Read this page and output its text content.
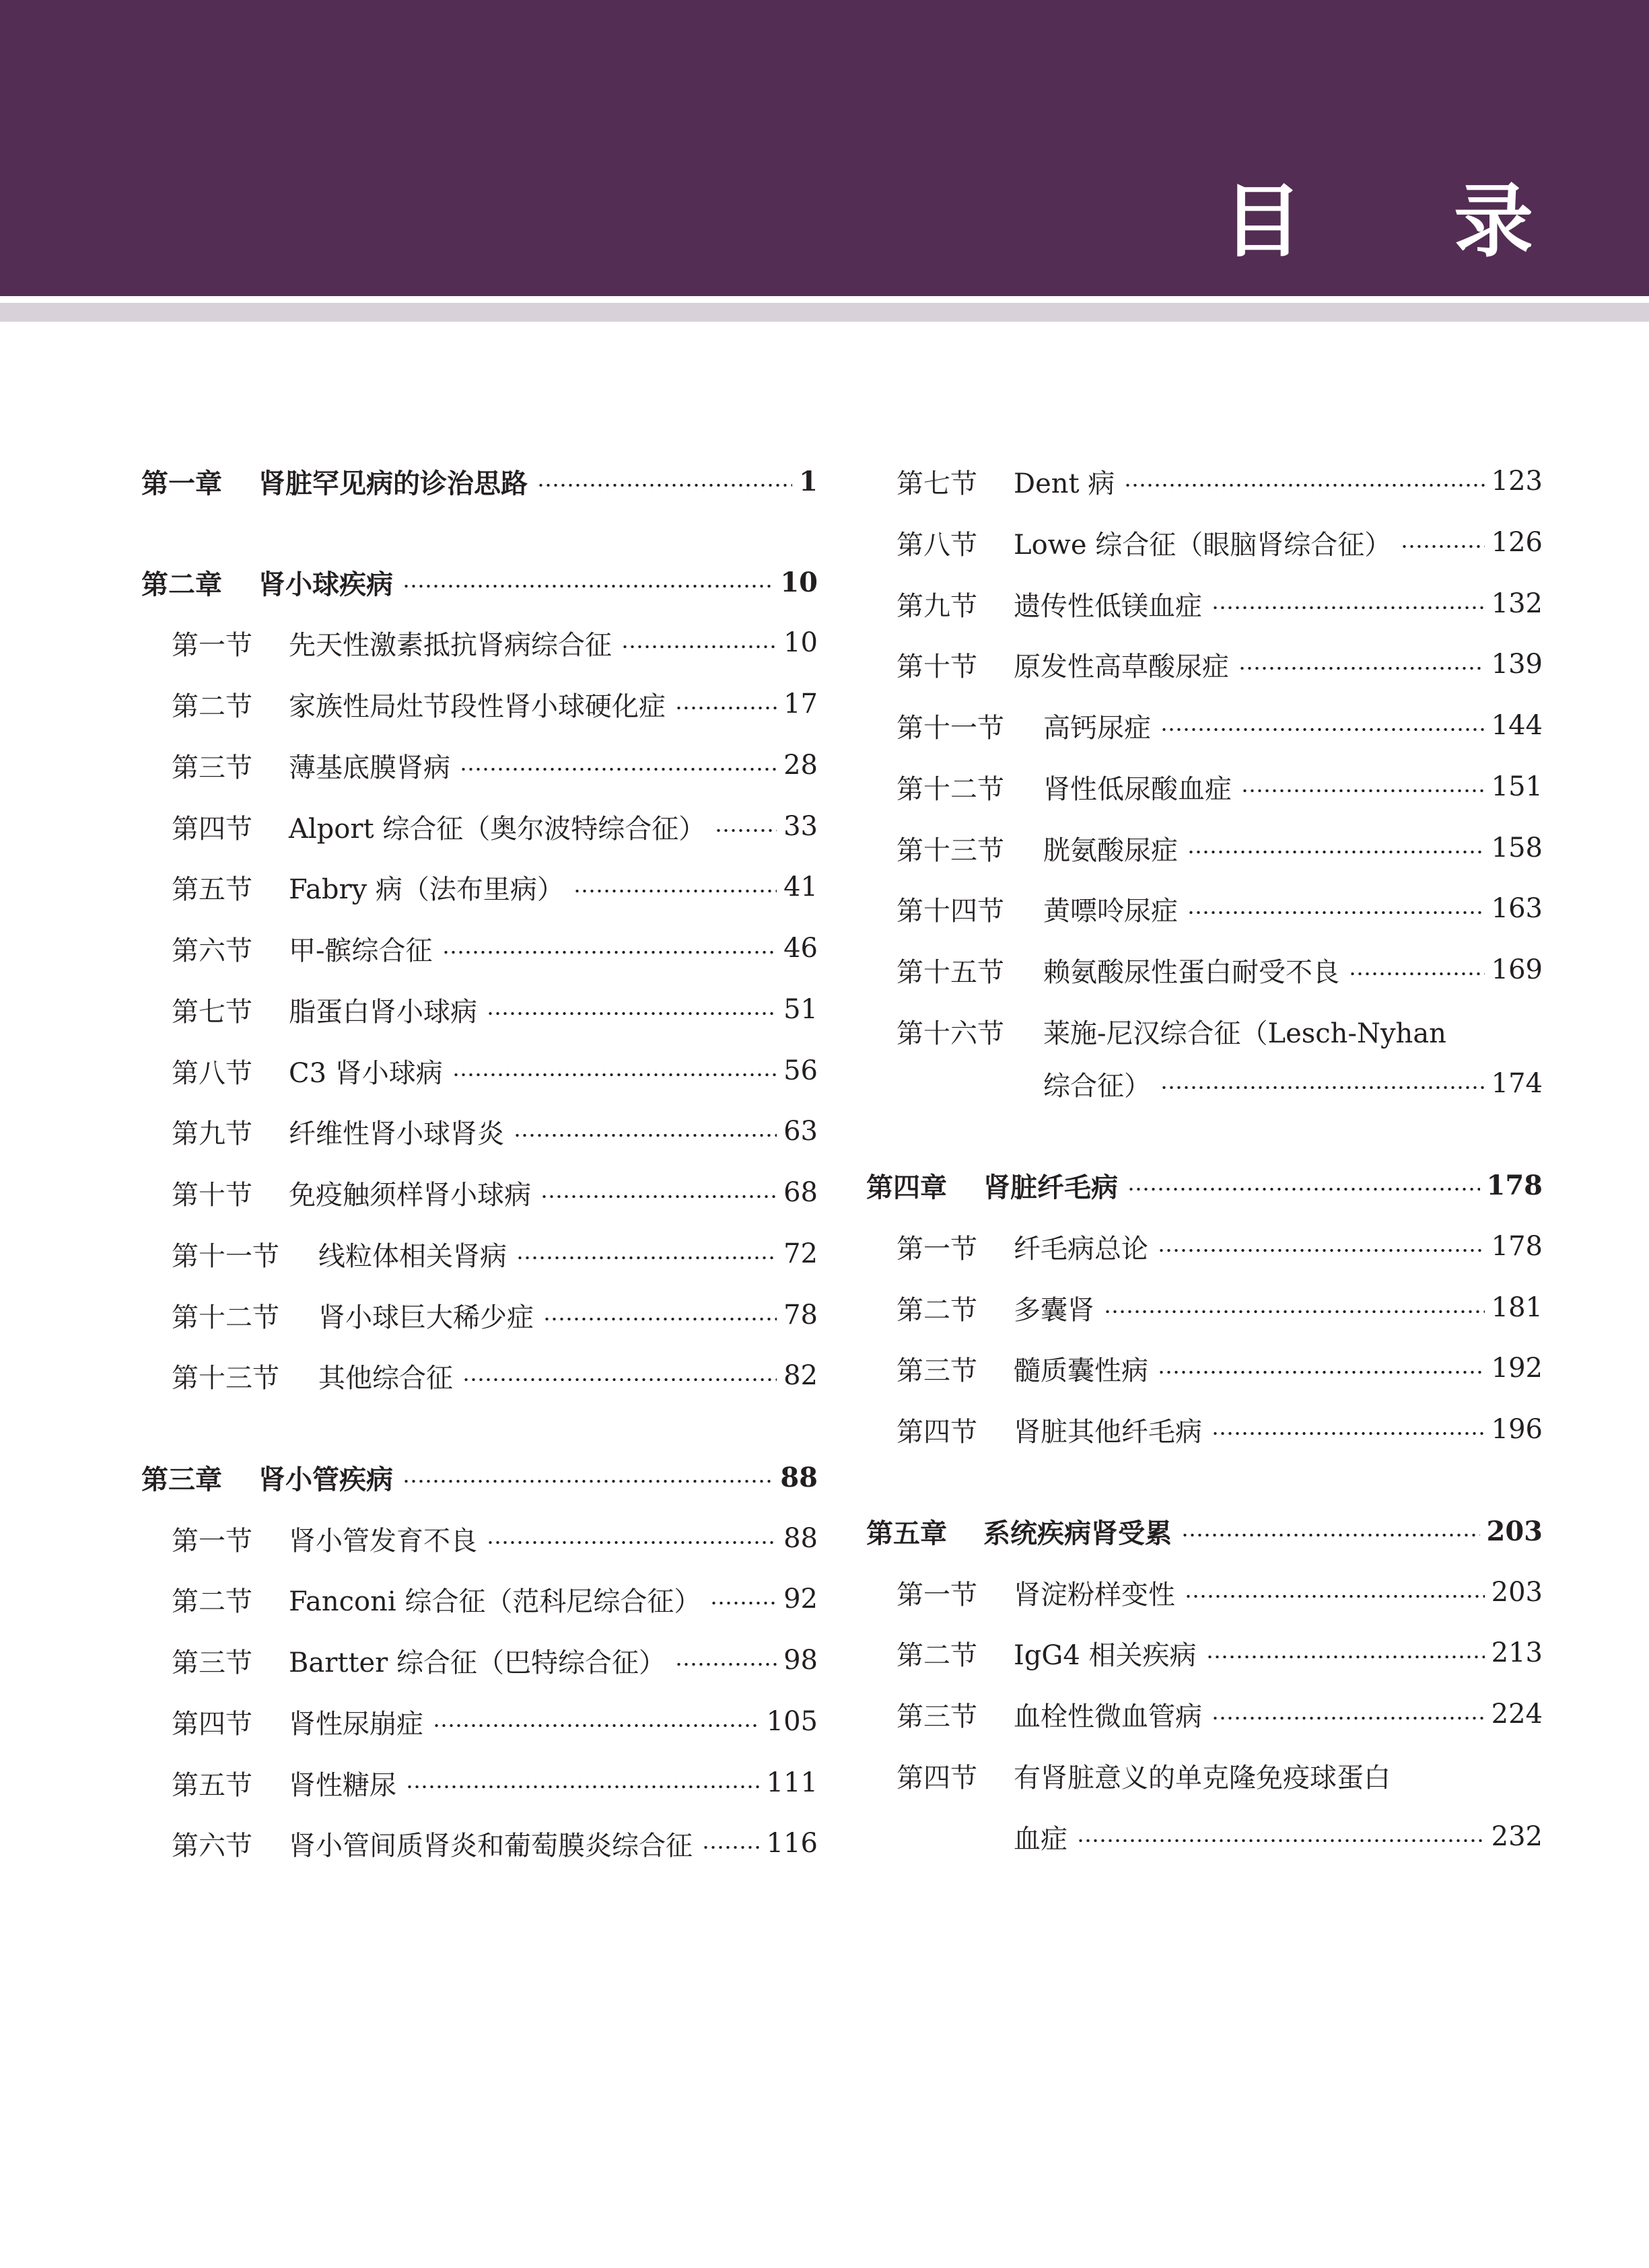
目 录
第一章	肾脏罕见病的诊治思路	1
第二章	肾小球疾病	10
第一节	先天性激素抵抗肾病综合征	10
第二节	家族性局灶节段性肾小球硬化症	17
第三节	薄基底膜肾病	28
第四节	Alport 综合征（奥尔波特综合征）	33
第五节	Fabry 病（法布里病）	41
第六节	甲-髌综合征	46
第七节	脂蛋白肾小球病	51
第八节	C3 肾小球病	56
第九节	纤维性肾小球肾炎	63
第十节	免疫触须样肾小球病	68
第十一节	线粒体相关肾病	72
第十二节	肾小球巨大稀少症	78
第十三节	其他综合征	82
第三章	肾小管疾病	88
第一节	肾小管发育不良	88
第二节	Fanconi 综合征（范科尼综合征）	92
第三节	Bartter 综合征（巴特综合征）	98
第四节	肾性尿崩症	105
第五节	肾性糖尿	111
第六节	肾小管间质肾炎和葡萄膜炎综合征	116
第七节	Dent 病	123
第八节	Lowe 综合征（眼脑肾综合征）	126
第九节	遗传性低镁血症	132
第十节	原发性高草酸尿症	139
第十一节	高钙尿症	144
第十二节	肾性低尿酸血症	151
第十三节	胱氨酸尿症	158
第十四节	黄嘌呤尿症	163
第十五节	赖氨酸尿性蛋白耐受不良	169
第十六节	莱施-尼汉综合征（Lesch-Nyhan
综合征）	174
第四章	肾脏纤毛病	178
第一节	纤毛病总论	178
第二节	多囊肾	181
第三节	髓质囊性病	192
第四节	肾脏其他纤毛病	196
第五章	系统疾病肾受累	203
第一节	肾淀粉样变性	203
第二节	IgG4 相关疾病	213
第三节	血栓性微血管病	224
第四节	有肾脏意义的单克隆免疫球蛋白
血症	232
